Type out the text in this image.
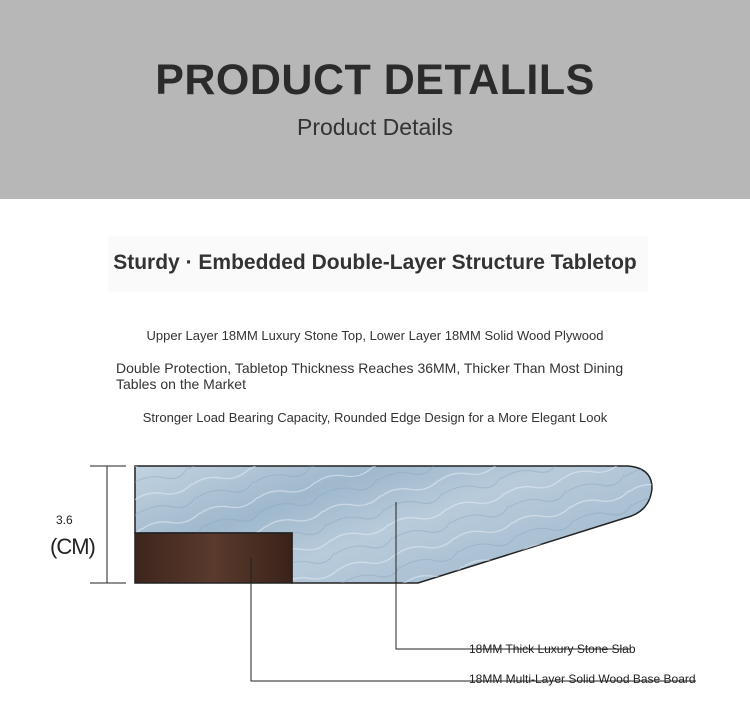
PRODUCT DETALILS
Product Details
Sturdy · Embedded Double-Layer Structure Tabletop
Upper Layer 18MM Luxury Stone Top, Lower Layer 18MM Solid Wood Plywood
Double Protection, Tabletop Thickness Reaches 36MM, Thicker Than Most Dining Tables on the Market
Stronger Load Bearing Capacity, Rounded Edge Design for a More Elegant Look
3.6
(CM)
18MM Thick Luxury Stone Slab
18MM Multi-Layer Solid Wood Base Board
